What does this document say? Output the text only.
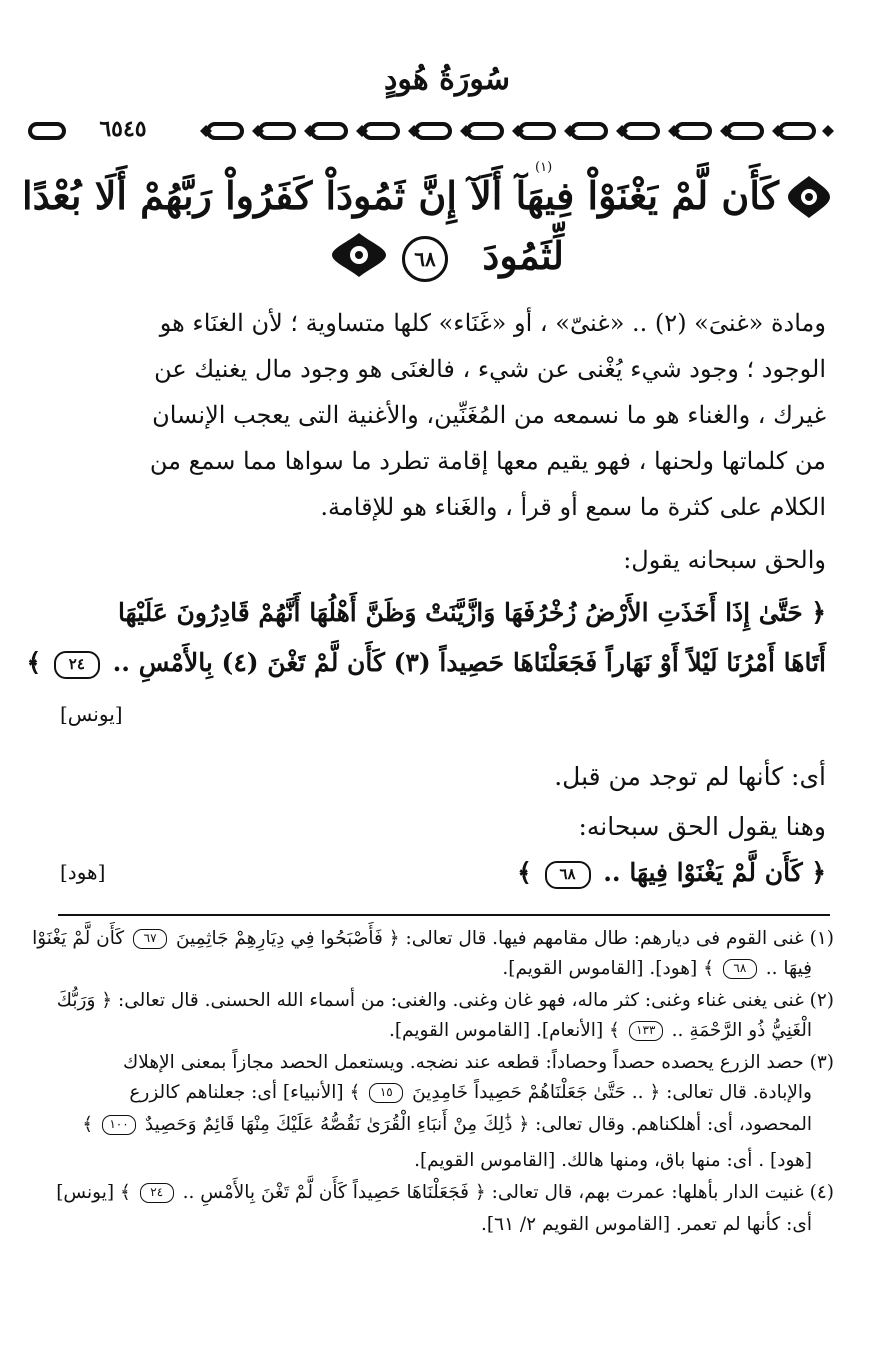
سُورَةُ هُودٍ
٦٥٤٥
كَأَن لَّمْ يَغْنَوْاْ فِيهَآ أَلَآ إِنَّ ثَمُودَاْ كَفَرُواْ رَبَّهُمْ أَلَا بُعْدًا
(١)
لِّثَمُودَ
٦٨
ومادة «غنىَ» (٢) .. «غنىّ» ، أو «غَنَاء» كلها متساوية ؛ لأن الغنَاء هو
الوجود ؛ وجود شيء يُغْنى عن شيء ، فالغنَى هو وجود مال يغنيك عن
غيرك ، والغناء هو ما نسمعه من المُغَنِّين، والأغنية التى يعجب الإنسان
من كلماتها ولحنها ، فهو يقيم معها إقامة تطرد ما سواها مما سمع من
الكلام على كثرة ما سمع أو قرأ ، والغَناء هو للإقامة.
والحق سبحانه يقول:
﴿ حَتَّىٰ إِذَا أَخَذَتِ الأَرْضُ زُخْرُفَهَا وَازَّيَّنَتْ وَظَنَّ أَهْلُهَا أَنَّهُمْ قَادِرُونَ عَلَيْهَا
أَتَاهَا أَمْرُنَا لَيْلاً أَوْ نَهَاراً فَجَعَلْنَاهَا حَصِيداً (٣) كَأَن لَّمْ تَغْنَ (٤) بِالأَمْسِ .. ٢٤ ﴾
[يونس]
أى: كأنها لم توجد من قبل.
وهنا يقول الحق سبحانه:
﴿ كَأَن لَّمْ يَغْنَوْا فِيهَا .. ٦٨ ﴾
[هود]
(١) غنى القوم فى ديارهم: طال مقامهم فيها. قال تعالى: ﴿ فَأَصْبَحُوا فِي دِيَارِهِمْ جَاثِمِينَ ٦٧ كَأَن لَّمْ يَغْنَوْا
فِيهَا .. ٦٨ ﴾ [هود]. [القاموس القويم].
(٢) غنى يغنى غناء وغنى: كثر ماله، فهو غان وغنى. والغنى: من أسماء الله الحسنى. قال تعالى: ﴿ وَرَبُّكَ
الْغَنِيُّ ذُو الرَّحْمَةِ .. ١٣٣ ﴾ [الأنعام]. [القاموس القويم].
(٣) حصد الزرع يحصده حصداً وحصاداً: قطعه عند نضجه. ويستعمل الحصد مجازاً بمعنى الإهلاك
والإبادة. قال تعالى: ﴿ .. حَتَّىٰ جَعَلْنَاهُمْ حَصِيداً خَامِدِينَ ١٥ ﴾ [الأنبياء] أى: جعلناهم كالزرع
المحصود، أى: أهلكناهم. وقال تعالى: ﴿ ذَٰلِكَ مِنْ أَنبَاءِ الْقُرَىٰ نَقُصُّهُ عَلَيْكَ مِنْهَا قَائِمٌ وَحَصِيدٌ ١٠٠ ﴾
[هود] . أى: منها باق، ومنها هالك. [القاموس القويم].
(٤) غنيت الدار بأهلها: عمرت بهم، قال تعالى: ﴿ فَجَعَلْنَاهَا حَصِيداً كَأَن لَّمْ تَغْنَ بِالأَمْسِ .. ٢٤ ﴾ [يونس]
أى: كأنها لم تعمر. [القاموس القويم ٢/ ٦١].
